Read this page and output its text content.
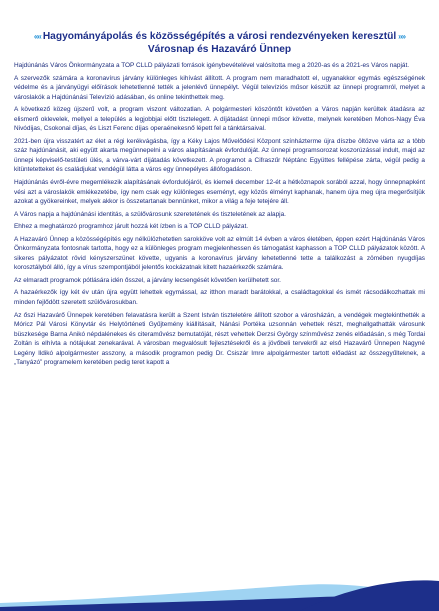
«« Hagyományápolás és közösségépítés a városi rendezvényeken keresztül »»
Városnap és Hazaváró Ünnep

Hajdúnánás Város Önkormányzata a TOP CLLD pályázati források igénybevételével valósította meg a 2020-as és a 2021-es Város napját.

A szervezők számára a koronavírus járvány különleges kihívást állított. A program nem maradhatott el, ugyanakkor egymás egészségének védelme és a járványügyi előírások lehetetlenné tették a jelenlévő ünnepélyt. Végül televíziós műsor készült az ünnepi programról, melyet a városlakók a Hajdúnánási Televízió adásában, és online tekinthettek meg.

A következő közeg újszerű volt, a program viszont változatlan. A polgármesteri köszöntőt követően a Város napján kerültek átadásra az elismerő oklevelek, mellyel a település a legjobbjai előtt tisztelegett. A díjátadást ünnepi műsor követte, melynek keretében Mohos-Nagy Éva Nivódijas, Csokonai díjas, és Liszt Ferenc díjas operaénekesnő lépett fel a tánktársaival.

2021-ben újra visszatért az élet a régi kerékvágásba, így a Kéky Lajos Művelődési Központ színházterme újra díszbe öltözve várta az a több száz hajdúnánásit, aki együtt akarta megünnepelni a város alapításának évfordulóját. Az ünnepi programsorozat koszorúzással indult, majd az ünnepi képviselő-testületi ülés, a várva-várt díjátadás következett. A programot a Cifraszűr Néptánc Együttes fellépése zárta, végül pedig a kitüntetetteket és családjukat vendégül látta a város egy ünnepélyes állófogadáson.

Hajdúnánás évről-évre megemlékezik alapításának évfordulójáról, és kiemeli december 12-ét a hétköznapok sorából azzal, hogy ünnepnapként vési azt a városlakók emlékezetébe, így nem csak egy különleges eseményt, egy közös élményt kaphanak, hanem újra meg újra megerősítjük azokat a gyökereinket, melyek akkor is összetartanak bennünket, mikor a világ a feje tetejére áll.

A Város napja a hajdúnánási identitás, a szülővárosunk szeretetének és tiszteletének az alapja.

Ehhez a meghatározó programhoz járult hozzá két ízben is a TOP CLLD pályázat.

A Hazaváró Ünnep a közösségépítés egy nélkülözhetetlen sarokköve volt az elmúlt 14 évben a város életében, éppen ezért Hajdúnánás Város Önkormányzata fontosnak tartotta, hogy ez a különleges program megjelenhessen és támogatást kaphasson a TOP CLLD pályázatok között. A sikeres pályázatot rövid kényszerszünet követte, ugyanis a koronavírus járvány lehetetlenné tette a találkozást a zömében nyugdíjas korosztályból álló, így a vírus szempontjából jelentős kockázatnak kitett hazaérkezők számára.

Az elmaradt programok pótlására idén ősszel, a járvány lecsengését követően kerülhetett sor.

A hazaérkezők így két év után újra együtt lehettek egymással, az itthon maradt barátokkal, a családtagokkal és ismét rácsodálkozhattak mi minden fejlődött szeretett szülővárosukban.

Az őszi Hazavárő Ünnepek keretében felavatásra került a Szent István tiszteletére állított szobor a városházán, a vendégek megtekinthették a Móricz Pál Városi Könyvtár és Helytörténeti Gyűjtemény kiállításait, Nánási Portéka uzsonnán vehettek részt, meghallgathatták városunk büszkesége Barna Anikó népdalénekes és citeraművész bemutatóját, részt vehettek Derzsi György színművész zenés előadásán, s még Tordai Zoltán is elhívta a nótájukat zenekarával. A városban megvalósult fejlesztésekről és a jövőbeli tervekről az első Hazavárő Ünnepen Nagyné Legény Ildikó alpolgármester asszony, a második programon pedig Dr. Csiszár Imre alpolgármester tartott előadást az összegyűlteknek, a „Tanyázó” programelem keretében pedig teret kapott a
